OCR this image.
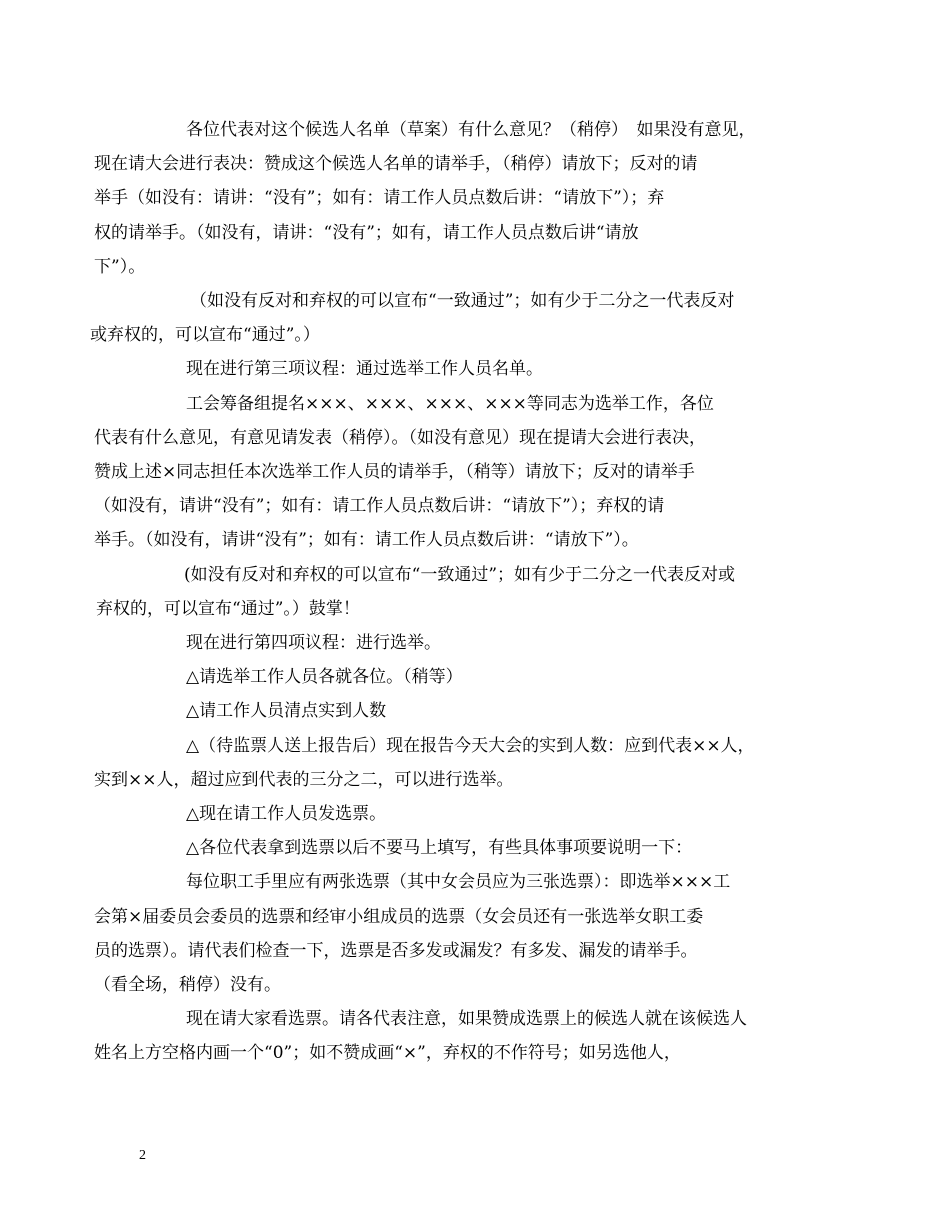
各位代表对这个候选人名单（草案）有什么意见？（稍停）　如果没有意见，
现在请大会进行表决：赞成这个候选人名单的请举手，（稍停）请放下；反对的请
举手（如没有：请讲：“没有”；如有：请工作人员点数后讲：“请放下”）；弃
权的请举手。（如没有，请讲：“没有”；如有，请工作人员点数后讲“请放
下”）。

（如没有反对和弃权的可以宣布“一致通过”；如有少于二分之一代表反对
或弃权的，可以宣布“通过”。）

现在进行第三项议程：通过选举工作人员名单。

工会筹备组提名×××、×××、×××、×××等同志为选举工作，各位
代表有什么意见，有意见请发表（稍停）。（如没有意见）现在提请大会进行表决，
赞成上述×同志担任本次选举工作人员的请举手，（稍等）请放下；反对的请举手
（如没有，请讲“没有”；如有：请工作人员点数后讲：“请放下”）；弃权的请
举手。（如没有，请讲“没有”；如有：请工作人员点数后讲：“请放下”）。

(如没有反对和弃权的可以宣布“一致通过”；如有少于二分之一代表反对或
弃权的，可以宣布“通过”。）鼓掌！

现在进行第四项议程：进行选举。

△请选举工作人员各就各位。（稍等）

△请工作人员清点实到人数

△（待监票人送上报告后）现在报告今天大会的实到人数：应到代表××人，
实到××人，超过应到代表的三分之二，可以进行选举。

△现在请工作人员发选票。

△各位代表拿到选票以后不要马上填写，有些具体事项要说明一下：

每位职工手里应有两张选票（其中女会员应为三张选票）：即选举×××工
会第×届委员会委员的选票和经审小组成员的选票（女会员还有一张选举女职工委
员的选票）。请代表们检查一下，选票是否多发或漏发？有多发、漏发的请举手。
（看全场，稍停）没有。

现在请大家看选票。请各代表注意，如果赞成选票上的候选人就在该候选人
姓名上方空格内画一个“0”；如不赞成画“×”，弃权的不作符号；如另选他人，

2
